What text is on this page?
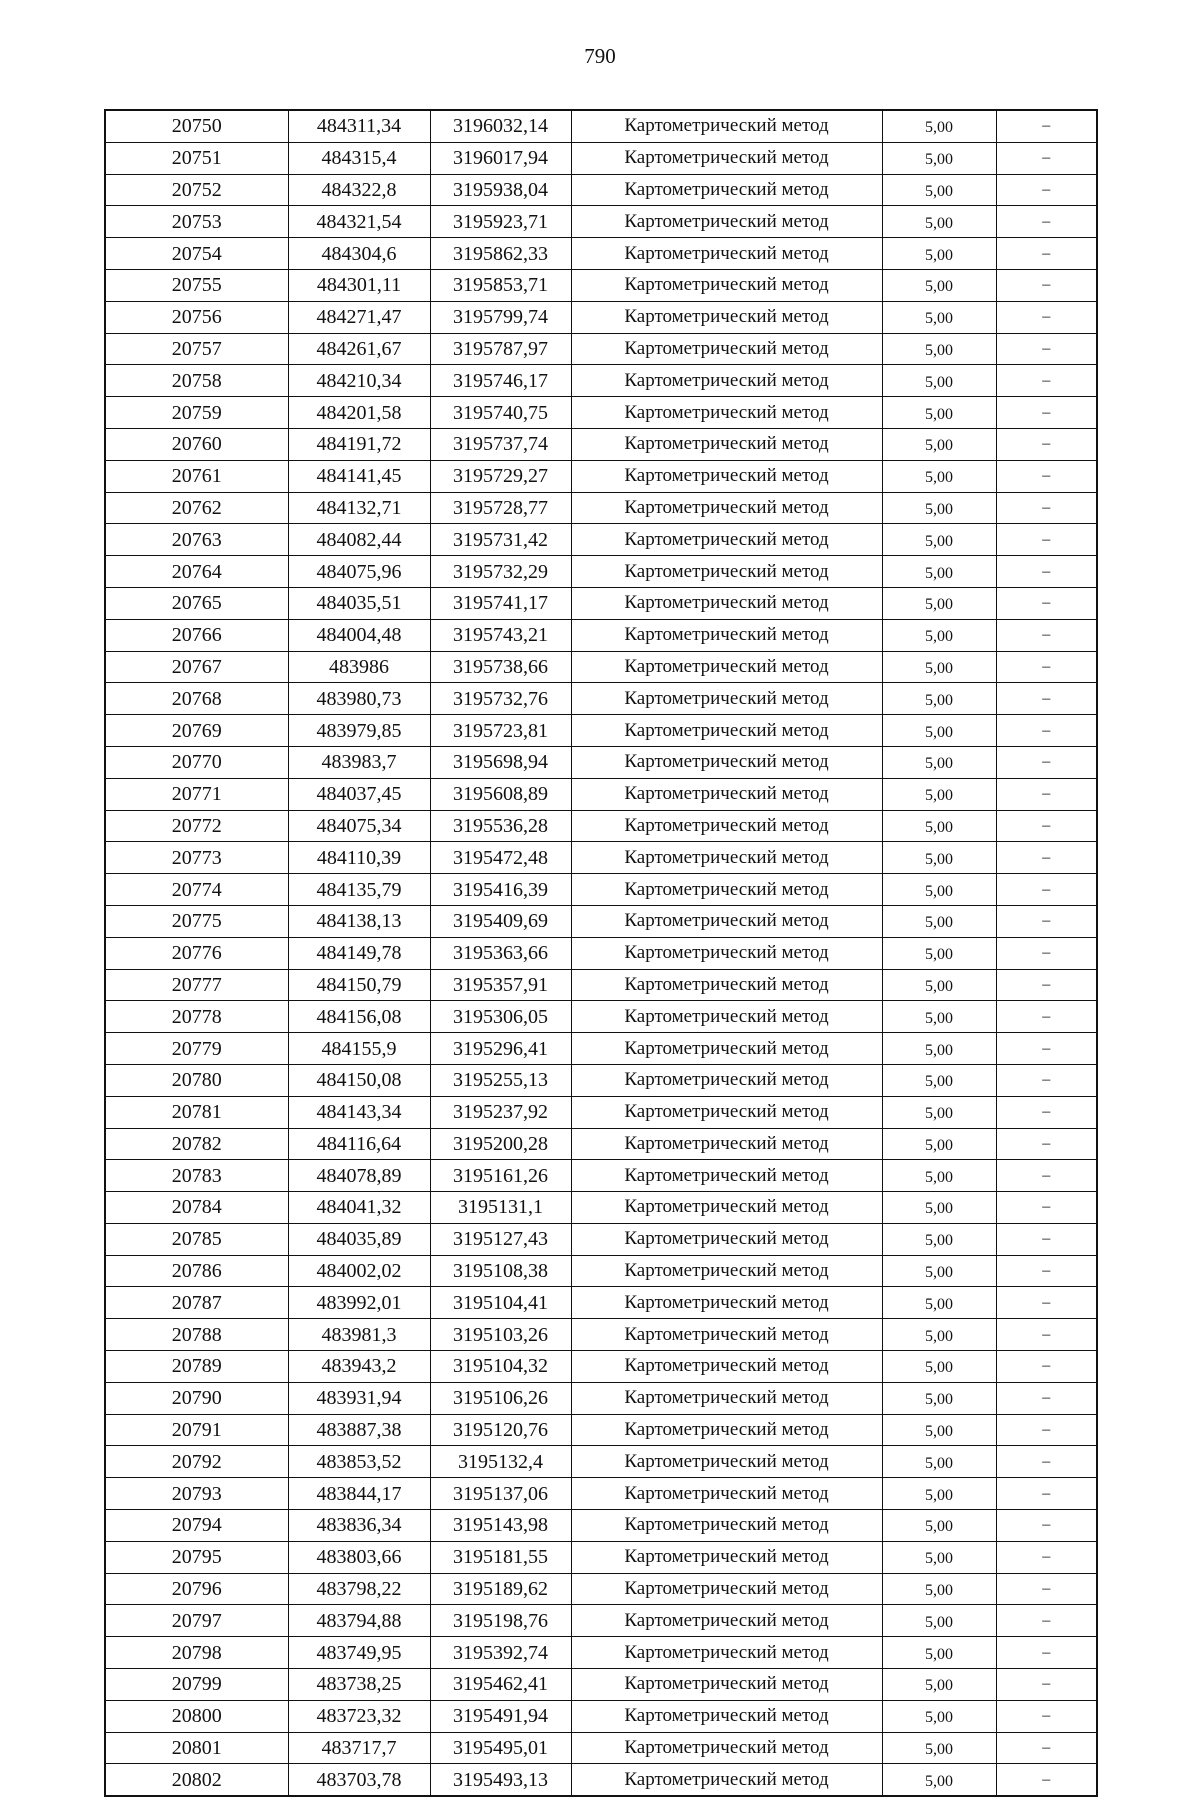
790
20750	484311,34	3196032,14	Картометрический метод	5,00	–
20751	484315,4	3196017,94	Картометрический метод	5,00	–
20752	484322,8	3195938,04	Картометрический метод	5,00	–
20753	484321,54	3195923,71	Картометрический метод	5,00	–
20754	484304,6	3195862,33	Картометрический метод	5,00	–
20755	484301,11	3195853,71	Картометрический метод	5,00	–
20756	484271,47	3195799,74	Картометрический метод	5,00	–
20757	484261,67	3195787,97	Картометрический метод	5,00	–
20758	484210,34	3195746,17	Картометрический метод	5,00	–
20759	484201,58	3195740,75	Картометрический метод	5,00	–
20760	484191,72	3195737,74	Картометрический метод	5,00	–
20761	484141,45	3195729,27	Картометрический метод	5,00	–
20762	484132,71	3195728,77	Картометрический метод	5,00	–
20763	484082,44	3195731,42	Картометрический метод	5,00	–
20764	484075,96	3195732,29	Картометрический метод	5,00	–
20765	484035,51	3195741,17	Картометрический метод	5,00	–
20766	484004,48	3195743,21	Картометрический метод	5,00	–
20767	483986	3195738,66	Картометрический метод	5,00	–
20768	483980,73	3195732,76	Картометрический метод	5,00	–
20769	483979,85	3195723,81	Картометрический метод	5,00	–
20770	483983,7	3195698,94	Картометрический метод	5,00	–
20771	484037,45	3195608,89	Картометрический метод	5,00	–
20772	484075,34	3195536,28	Картометрический метод	5,00	–
20773	484110,39	3195472,48	Картометрический метод	5,00	–
20774	484135,79	3195416,39	Картометрический метод	5,00	–
20775	484138,13	3195409,69	Картометрический метод	5,00	–
20776	484149,78	3195363,66	Картометрический метод	5,00	–
20777	484150,79	3195357,91	Картометрический метод	5,00	–
20778	484156,08	3195306,05	Картометрический метод	5,00	–
20779	484155,9	3195296,41	Картометрический метод	5,00	–
20780	484150,08	3195255,13	Картометрический метод	5,00	–
20781	484143,34	3195237,92	Картометрический метод	5,00	–
20782	484116,64	3195200,28	Картометрический метод	5,00	–
20783	484078,89	3195161,26	Картометрический метод	5,00	–
20784	484041,32	3195131,1	Картометрический метод	5,00	–
20785	484035,89	3195127,43	Картометрический метод	5,00	–
20786	484002,02	3195108,38	Картометрический метод	5,00	–
20787	483992,01	3195104,41	Картометрический метод	5,00	–
20788	483981,3	3195103,26	Картометрический метод	5,00	–
20789	483943,2	3195104,32	Картометрический метод	5,00	–
20790	483931,94	3195106,26	Картометрический метод	5,00	–
20791	483887,38	3195120,76	Картометрический метод	5,00	–
20792	483853,52	3195132,4	Картометрический метод	5,00	–
20793	483844,17	3195137,06	Картометрический метод	5,00	–
20794	483836,34	3195143,98	Картометрический метод	5,00	–
20795	483803,66	3195181,55	Картометрический метод	5,00	–
20796	483798,22	3195189,62	Картометрический метод	5,00	–
20797	483794,88	3195198,76	Картометрический метод	5,00	–
20798	483749,95	3195392,74	Картометрический метод	5,00	–
20799	483738,25	3195462,41	Картометрический метод	5,00	–
20800	483723,32	3195491,94	Картометрический метод	5,00	–
20801	483717,7	3195495,01	Картометрический метод	5,00	–
20802	483703,78	3195493,13	Картометрический метод	5,00	–
